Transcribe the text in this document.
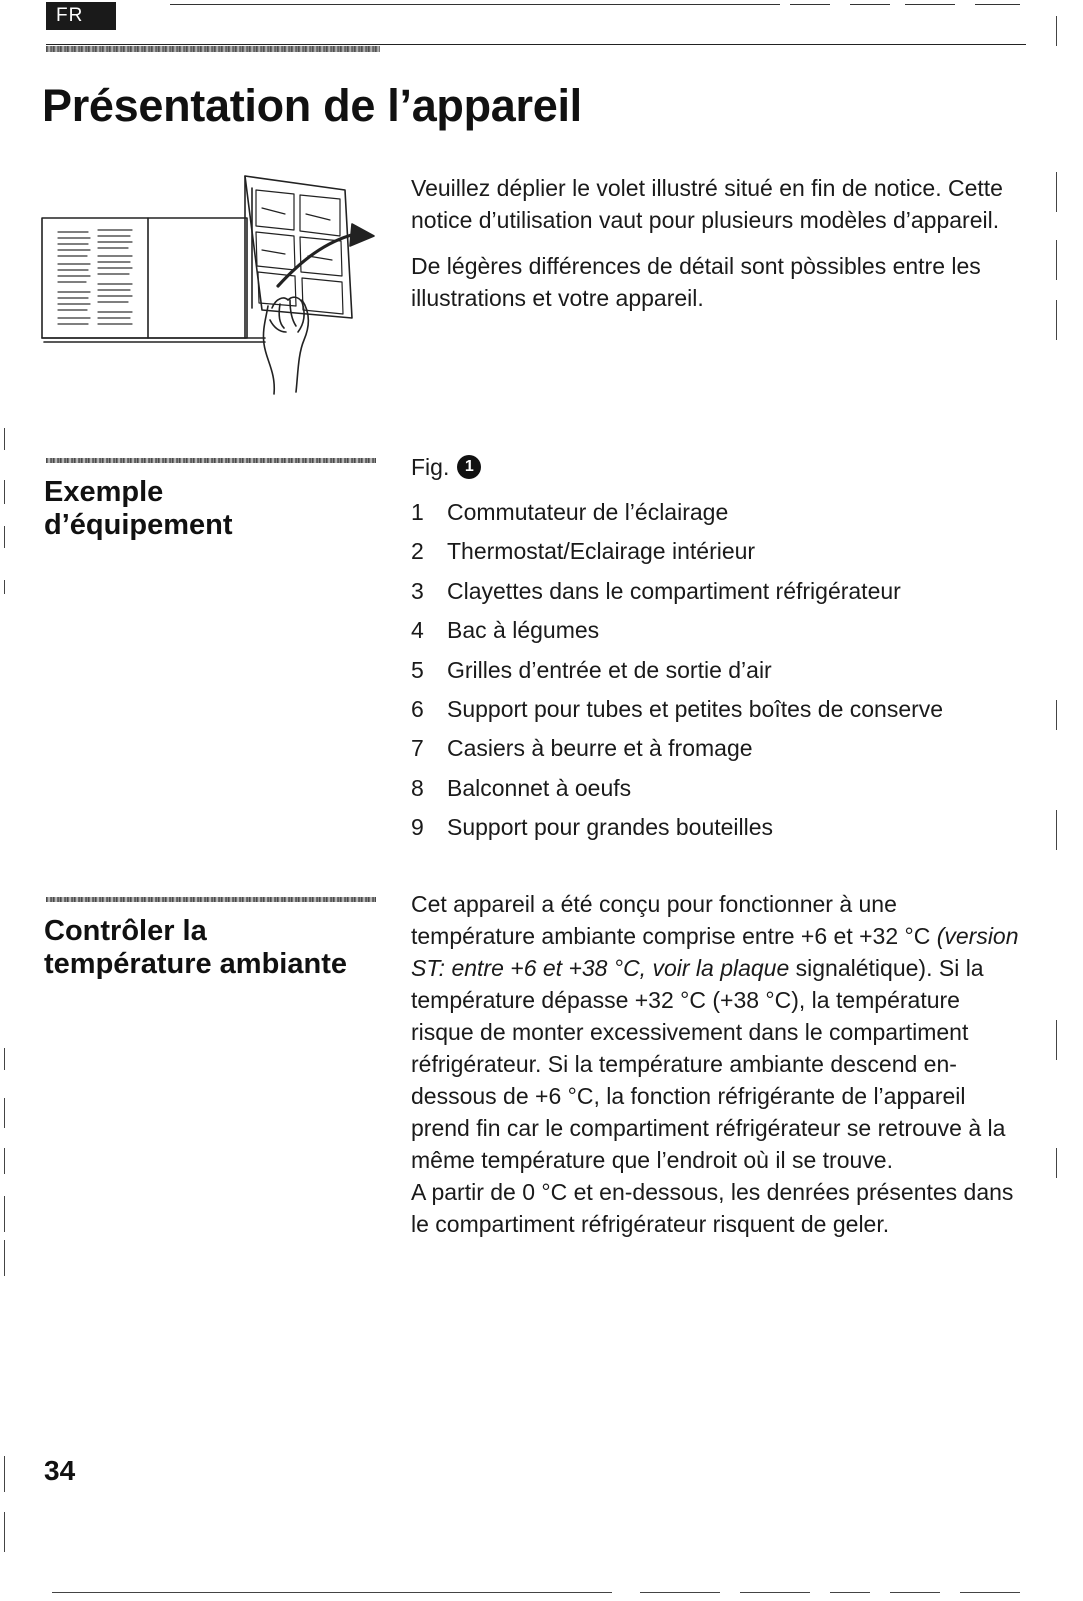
FR
Présentation de l’appareil

Veuillez déplier le volet illustré situé en fin de notice. Cette notice d’utilisation vaut pour plusieurs modèles d’appareil.

De légères différences de détail sont pòssibles entre les illustrations et votre appareil.

Exemple
d’équipement
Fig. 1
1	Commutateur de l’éclairage
2	Thermostat/Eclairage intérieur
3	Clayettes dans le compartiment réfrigérateur
4	Bac à légumes
5	Grilles d’entrée et de sortie d’air
6	Support pour tubes et petites boîtes de conserve
7	Casiers à beurre et à fromage
8	Balconnet à oeufs
9	Support pour grandes bouteilles
Contrôler la
température ambiante

Cet appareil a été conçu pour fonctionner à une température ambiante comprise entre +6 et +32 °C (version ST: entre +6 et +38 °C, voir la plaque signalétique). Si la température dépasse +32 °C (+38 °C), la température risque de monter excessivement dans le compartiment réfrigérateur. Si la température ambiante descend en-dessous de +6 °C, la fonction réfrigérante de l’appareil prend fin car le compartiment réfrigérateur se retrouve à la même température que l’endroit où il se trouve.

A partir de 0 °C et en-dessous, les denrées présentes dans le compartiment réfrigérateur risquent de geler.

34
